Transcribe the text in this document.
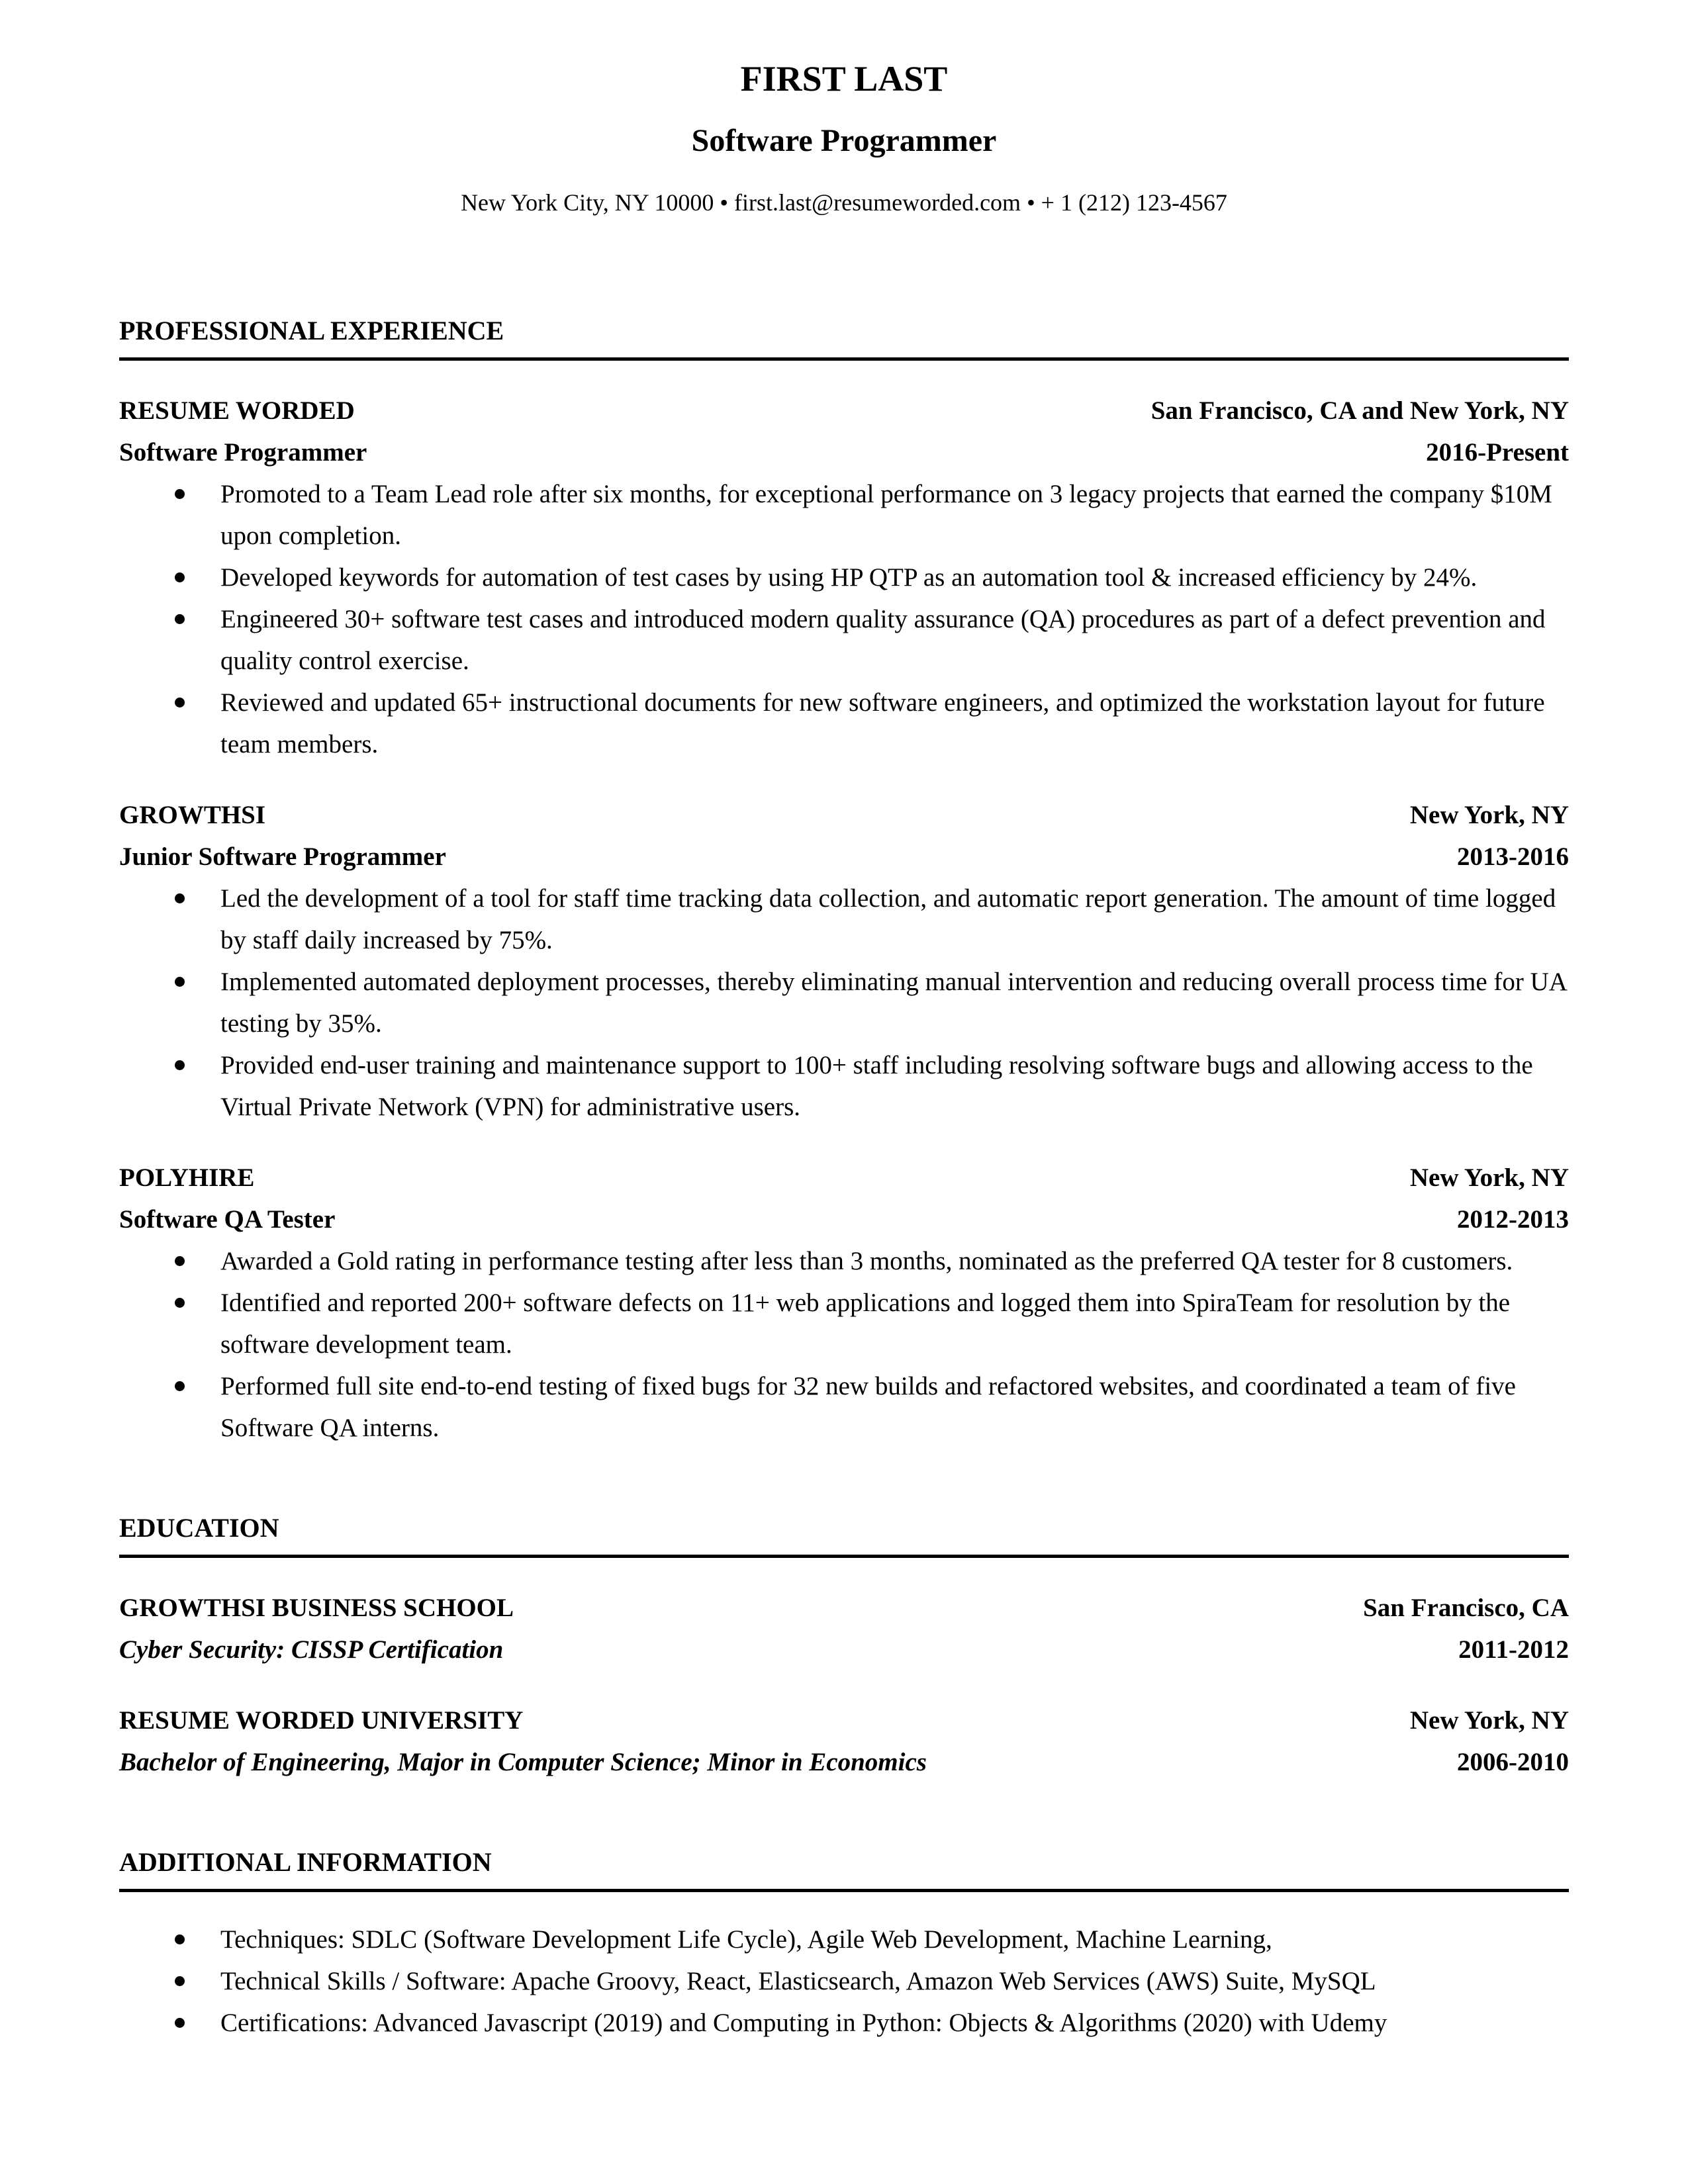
FIRST LAST
Software Programmer
New York City, NY 10000 • first.last@resumeworded.com • + 1 (212) 123-4567
PROFESSIONAL EXPERIENCE
RESUME WORDED	San Francisco, CA and New York, NY
Software Programmer	2016-Present
Promoted to a Team Lead role after six months, for exceptional performance on 3 legacy projects that earned the company $10M upon completion.
Developed keywords for automation of test cases by using HP QTP as an automation tool & increased efficiency by 24%.
Engineered 30+ software test cases and introduced modern quality assurance (QA) procedures as part of a defect prevention and quality control exercise.
Reviewed and updated 65+ instructional documents for new software engineers, and optimized the workstation layout for future team members.
GROWTHSI	New York, NY
Junior Software Programmer	2013-2016
Led the development of a tool for staff time tracking data collection, and automatic report generation. The amount of time logged by staff daily increased by 75%.
Implemented automated deployment processes, thereby eliminating manual intervention and reducing overall process time for UA testing by 35%.
Provided end-user training and maintenance support to 100+ staff including resolving software bugs and allowing access to the Virtual Private Network (VPN) for administrative users.
POLYHIRE	New York, NY
Software QA Tester	2012-2013
Awarded a Gold rating in performance testing after less than 3 months, nominated as the preferred QA tester for 8 customers.
Identified and reported 200+ software defects on 11+ web applications and logged them into SpiraTeam for resolution by the software development team.
Performed full site end-to-end testing of fixed bugs for 32 new builds and refactored websites, and coordinated a team of five Software QA interns.
EDUCATION
GROWTHSI BUSINESS SCHOOL	San Francisco, CA
Cyber Security: CISSP Certification	2011-2012
RESUME WORDED UNIVERSITY	New York, NY
Bachelor of Engineering, Major in Computer Science; Minor in Economics	2006-2010
ADDITIONAL INFORMATION
Techniques: SDLC (Software Development Life Cycle), Agile Web Development, Machine Learning,
Technical Skills / Software: Apache Groovy, React, Elasticsearch, Amazon Web Services (AWS) Suite, MySQL
Certifications: Advanced Javascript (2019) and Computing in Python: Objects & Algorithms (2020) with Udemy
